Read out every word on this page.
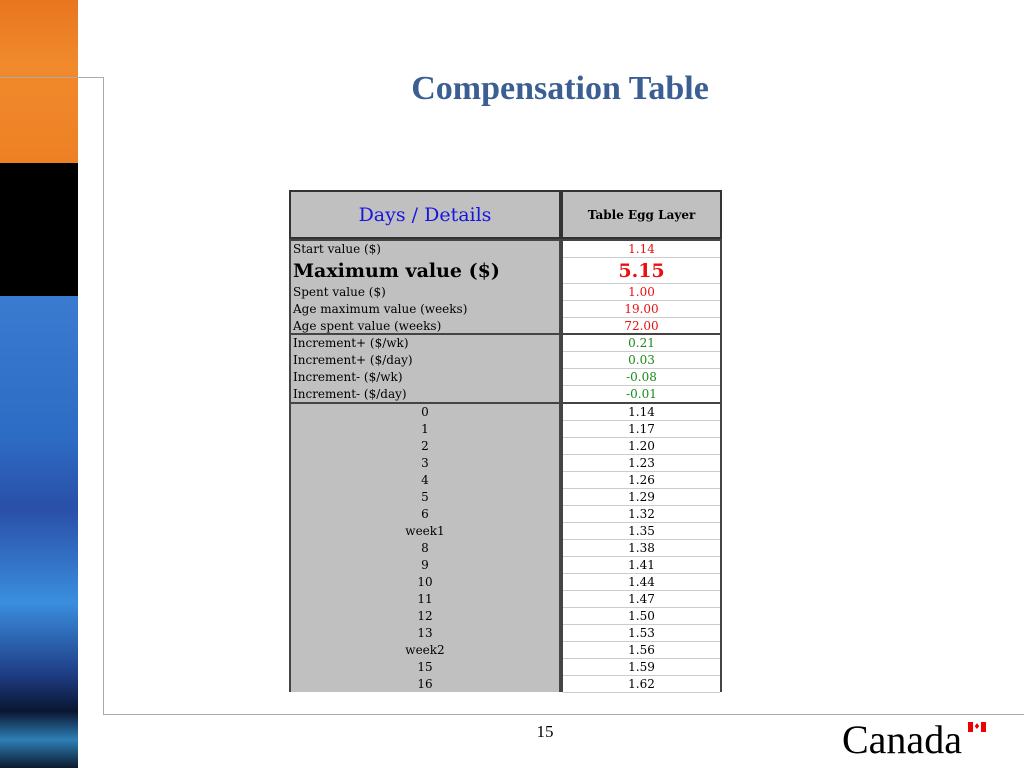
Compensation Table
Days / Details	Table Egg Layer
Start value ($)
Maximum value ($)
Spent value ($)
Age maximum value (weeks)
Age spent value (weeks)
1.14
5.15
1.00
19.00
72.00
Increment+ ($/wk)
Increment+ ($/day)
Increment- ($/wk)
Increment- ($/day)
0.21
0.03
-0.08
-0.01
0
1
2
3
4
5
6
week1
8
9
10
11
12
13
week2
15
16
1.14
1.17
1.20
1.23
1.26
1.29
1.32
1.35
1.38
1.41
1.44
1.47
1.50
1.53
1.56
1.59
1.62
15	Canada ♦
